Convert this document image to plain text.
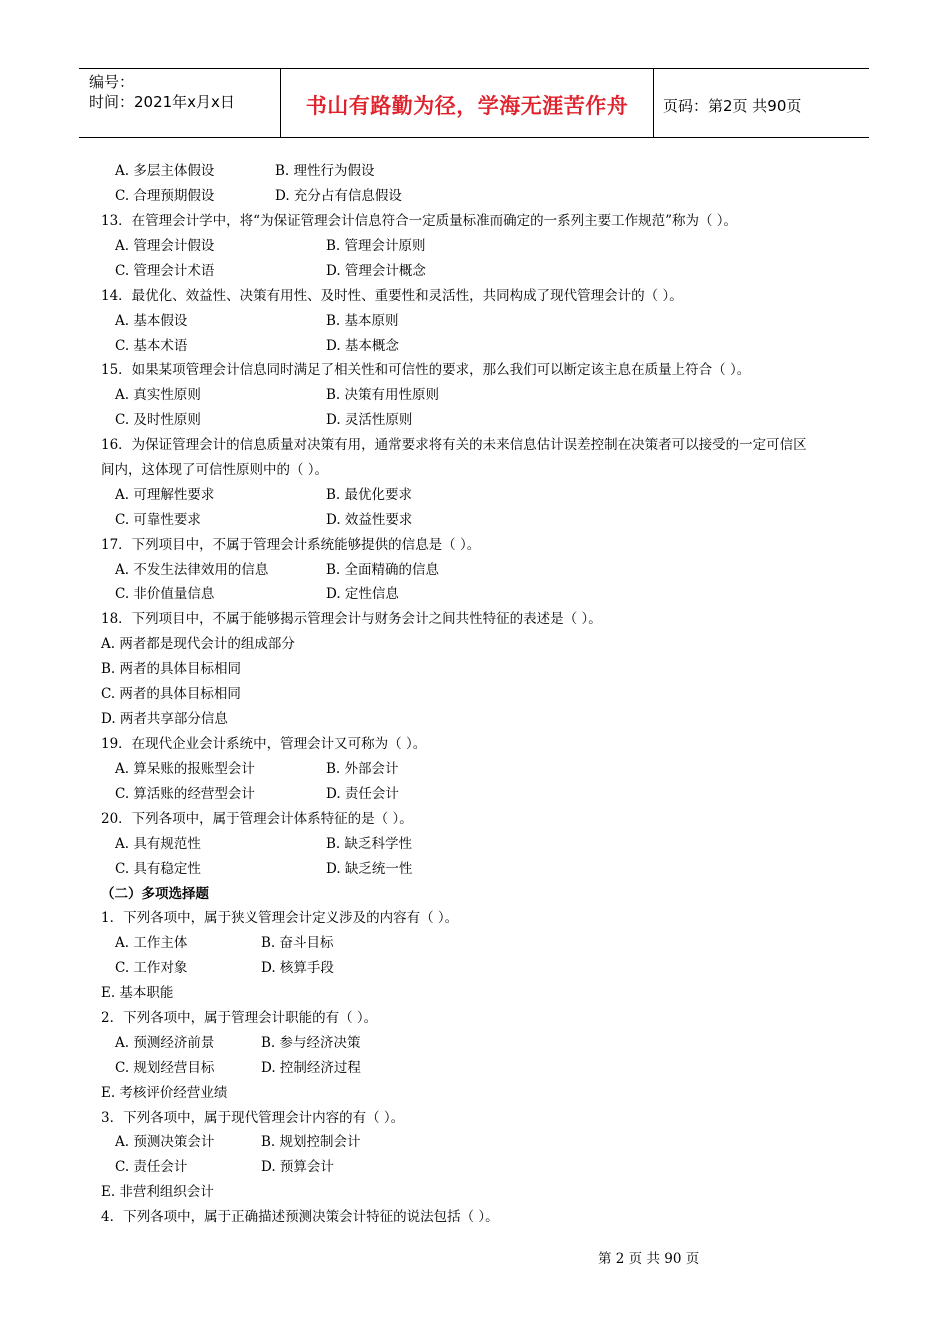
编号：
时间：2021年x月x日	书山有路勤为径，学海无涯苦作舟 页码：第2页 共90页
A. 多层主体假设	B. 理性行为假设
C. 合理预期假设	D. 充分占有信息假设
13．在管理会计学中，将“为保证管理会计信息符合一定质量标准而确定的一系列主要工作规范”称为（ ）。
A. 管理会计假设	B. 管理会计原则
C. 管理会计术语	D. 管理会计概念
14．最优化、效益性、决策有用性、及时性、重要性和灵活性，共同构成了现代管理会计的（ ）。
A. 基本假设	B. 基本原则
C. 基本术语	D. 基本概念
15．如果某项管理会计信息同时满足了相关性和可信性的要求，那么我们可以断定该主息在质量上符合（ ）。
A. 真实性原则	B. 决策有用性原则
C. 及时性原则	D. 灵活性原则
16．为保证管理会计的信息质量对决策有用，通常要求将有关的未来信息估计误差控制在决策者可以接受的一定可信区
间内，这体现了可信性原则中的（ ）。
A. 可理解性要求	B. 最优化要求
C. 可靠性要求	D. 效益性要求
17．下列项目中，不属于管理会计系统能够提供的信息是（ ）。
A. 不发生法律效用的信息	B. 全面精确的信息
C. 非价值量信息	D. 定性信息
18．下列项目中，不属于能够揭示管理会计与财务会计之间共性特征的表述是（ ）。
A. 两者都是现代会计的组成部分
B. 两者的具体目标相同
C. 两者的具体目标相同
D. 两者共享部分信息
19．在现代企业会计系统中，管理会计又可称为（ ）。
A. 算呆账的报账型会计	B. 外部会计
C. 算活账的经营型会计	D. 责任会计
20．下列各项中，属于管理会计体系特征的是（ ）。
A. 具有规范性	B. 缺乏科学性
C. 具有稳定性	D. 缺乏统一性
（二）多项选择题
1．下列各项中，属于狭义管理会计定义涉及的内容有（ ）。
A. 工作主体	B. 奋斗目标
C. 工作对象	D. 核算手段
E. 基本职能
2．下列各项中，属于管理会计职能的有（ ）。
A. 预测经济前景	B. 参与经济决策
C. 规划经营目标	D. 控制经济过程
E. 考核评价经营业绩
3．下列各项中，属于现代管理会计内容的有（ ）。
A. 预测决策会计	B. 规划控制会计
C. 责任会计	D. 预算会计
E. 非营利组织会计
4．下列各项中，属于正确描述预测决策会计特征的说法包括（ ）。
第 2 页 共 90 页
